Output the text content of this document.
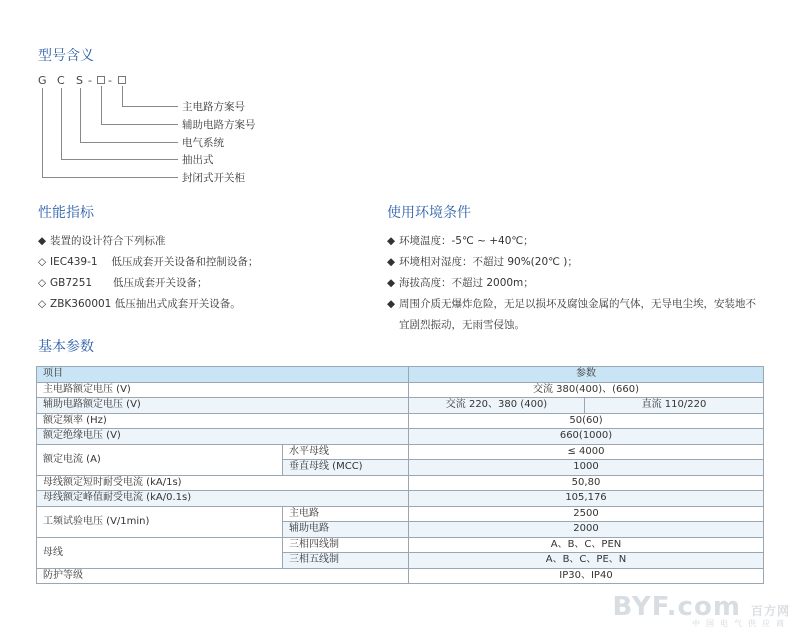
型号含义
G C S - -
主电路方案号
辅助电路方案号
电气系统
抽出式
封闭式开关柜
性能指标
◆ 装置的设计符合下列标准
◇ IEC439-1　 低压成套开关设备和控制设备；
◇ GB7251　　低压成套开关设备；
◇ ZBK360001 低压抽出式成套开关设备。
使用环境条件
◆ 环境温度：-5℃ ~ +40℃；
◆ 环境相对湿度：不超过 90%(20℃ )；
◆ 海拔高度：不超过 2000m；
◆ 周围介质无爆炸危险，无足以损坏及腐蚀金属的气体，无导电尘埃，安装地不
宜剧烈振动，无雨雪侵蚀。
基本参数
项目		参数	
主电路额定电压 (V)		交流 380(400)、(660)	
辅助电路额定电压 (V)		交流 220、380 (400)	直流 110/220
额定频率 (Hz)		50(60)	
额定绝缘电压 (V)		660(1000)	
额定电流 (A)	水平母线	≤ 4000	
	垂直母线 (MCC)	1000	
母线额定短时耐受电流 (kA/1s)		50,80	
母线额定峰值耐受电流 (kA/0.1s)		105,176	
工频试验电压 (V/1min)	主电路	2500	
	辅助电路	2000	
母线	三相四线制	A、B、C、PEN	
	三相五线制	A、B、C、PE、N	
防护等级		IP30、IP40	
BYF.com 百方网
中国电气供应商
